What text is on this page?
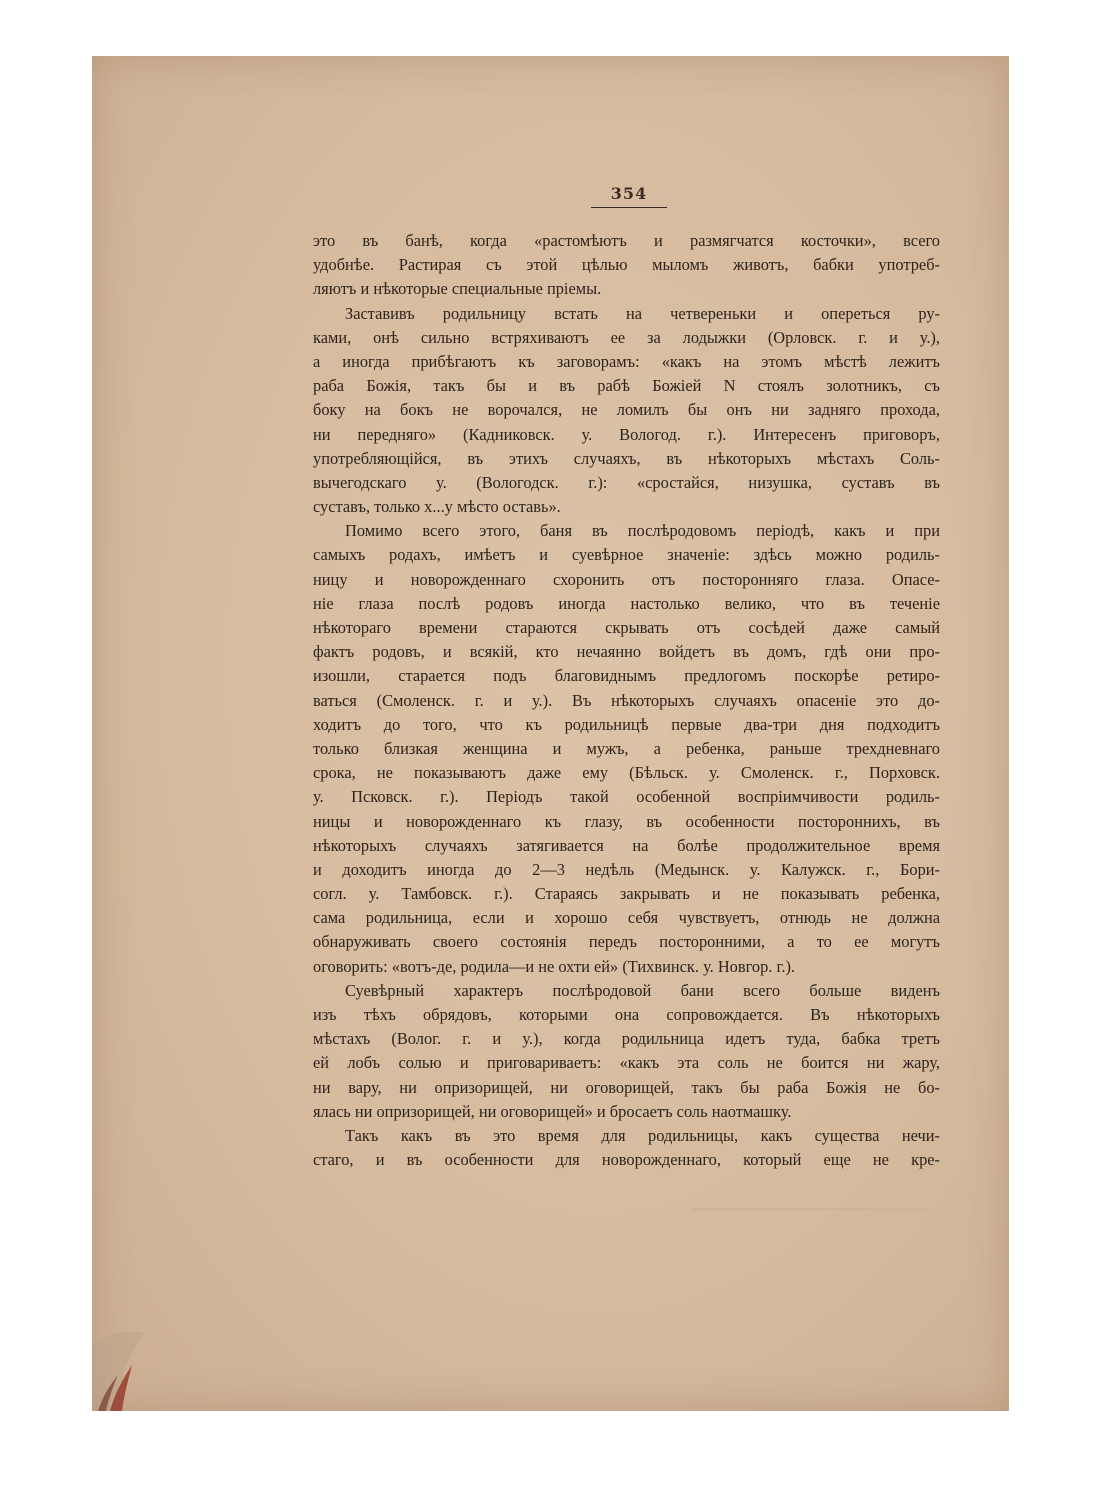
354
это въ банѣ, когда «растомѣютъ и размягчатся косточки», всего
удобнѣе. Растирая съ этой цѣлью мыломъ животъ, бабки употреб-
ляютъ и нѣкоторые специальные пріемы.
Заставивъ родильницу встать на четвереньки и опереться ру-
ками, онѣ сильно встряхиваютъ ее за лодыжки (Орловск. г. и у.),
а иногда прибѣгаютъ къ заговорамъ: «какъ на этомъ мѣстѣ лежитъ
раба Божія, такъ бы и въ рабѣ Божіей N стоялъ золотникъ, съ
боку на бокъ не ворочался, не ломилъ бы онъ ни задняго прохода,
ни передняго» (Кадниковск. у. Вологод. г.). Интересенъ приговоръ,
употребляющійся, въ этихъ случаяхъ, въ нѣкоторыхъ мѣстахъ Соль-
вычегодскаго у. (Вологодск. г.): «сростайся, низушка, суставъ въ
суставъ, только х...у мѣсто оставь».
Помимо всего этого, баня въ послѣродовомъ періодѣ, какъ и при
самыхъ родахъ, имѣетъ и суевѣрное значеніе: здѣсь можно родиль-
ницу и новорожденнаго схоронить отъ посторонняго глаза. Опасе-
ніе глаза послѣ родовъ иногда настолько велико, что въ теченіе
нѣкотораго времени стараются скрывать отъ сосѣдей даже самый
фактъ родовъ, и всякій, кто нечаянно войдетъ въ домъ, гдѣ они про-
изошли, старается подъ благовиднымъ предлогомъ поскорѣе ретиро-
ваться (Смоленск. г. и у.). Въ нѣкоторыхъ случаяхъ опасеніе это до-
ходитъ до того, что къ родильницѣ первые два-три дня подходитъ
только близкая женщина и мужъ, а ребенка, раньше трехдневнаго
срока, не показываютъ даже ему (Бѣльск. у. Смоленск. г., Порховск.
у. Псковск. г.). Періодъ такой особенной воспріимчивости родиль-
ницы и новорожденнаго къ глазу, въ особенности постороннихъ, въ
нѣкоторыхъ случаяхъ затягивается на болѣе продолжительное время
и доходитъ иногда до 2—3 недѣль (Медынск. у. Калужск. г., Бори-
согл. у. Тамбовск. г.). Стараясь закрывать и не показывать ребенка,
сама родильница, если и хорошо себя чувствуетъ, отнюдь не должна
обнаруживать своего состоянія передъ посторонними, а то ее могутъ
оговорить: «вотъ-де, родила—и не охти ей» (Тихвинск. у. Новгор. г.).
Суевѣрный характеръ послѣродовой бани всего больше виденъ
изъ тѣхъ обрядовъ, которыми она сопровождается. Въ нѣкоторыхъ
мѣстахъ (Волог. г. и у.), когда родильница идетъ туда, бабка третъ
ей лобъ солью и приговариваетъ: «какъ эта соль не боится ни жару,
ни вару, ни опризорищей, ни оговорищей, такъ бы раба Божія не бо-
ялась ни опризорищей, ни оговорищей» и бросаетъ соль наотмашку.
Такъ какъ въ это время для родильницы, какъ существа нечи-
стаго, и въ особенности для новорожденнаго, который еще не кре-
